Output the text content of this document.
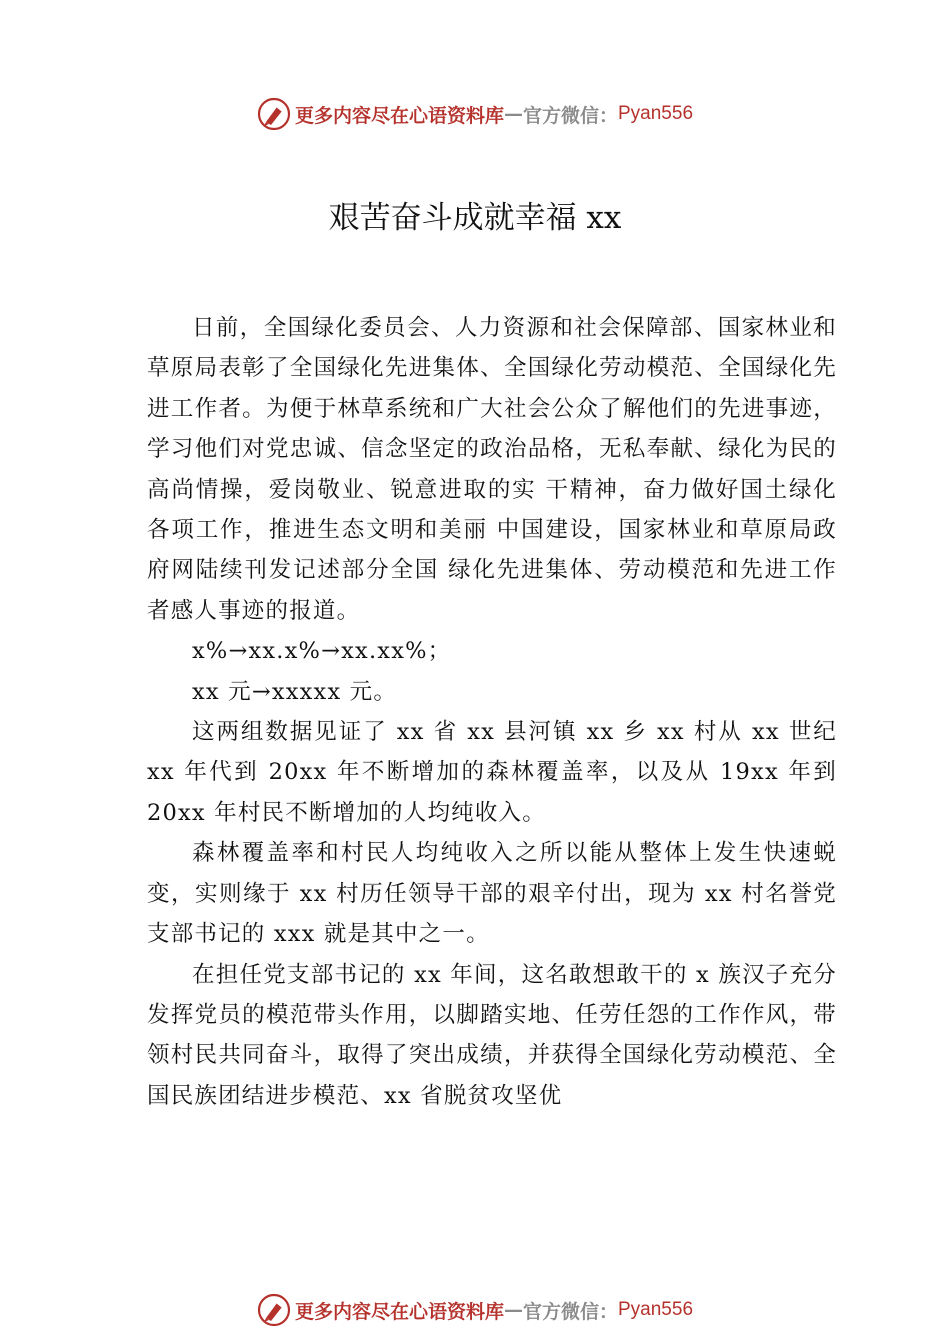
更多内容尽在心语资料库 — 官方微信： Pyan556
艰苦奋斗成就幸福 xx

日前，全国绿化委员会、人力资源和社会保障部、国家林业和草原局表彰了全国绿化先进集体、全国绿化劳动模范、全国绿化先进工作者。为便于林草系统和广大社会公众了解他们的先进事迹，学习他们对党忠诚、信念坚定的政治品格，无私奉献、绿化为民的高尚情操，爱岗敬业、锐意进取的实 干精神，奋力做好国土绿化各项工作，推进生态文明和美丽 中国建设，国家林业和草原局政府网陆续刊发记述部分全国 绿化先进集体、劳动模范和先进工作者感人事迹的报道。

x%→xx.x%→xx.xx%；

xx 元→xxxxx 元。

这两组数据见证了 xx 省 xx 县河镇 xx 乡 xx 村从 xx 世纪 xx 年代到 20xx 年不断增加的森林覆盖率，以及从 19xx 年到 20xx 年村民不断增加的人均纯收入。

森林覆盖率和村民人均纯收入之所以能从整体上发生快速蜕变，实则缘于 xx 村历任领导干部的艰辛付出，现为 xx 村名誉党支部书记的 xxx 就是其中之一。

在担任党支部书记的 xx 年间，这名敢想敢干的 x 族汉子充分发挥党员的模范带头作用，以脚踏实地、任劳任怨的工作作风，带领村民共同奋斗，取得了突出成绩，并获得全国绿化劳动模范、全国民族团结进步模范、xx 省脱贫攻坚优

更多内容尽在心语资料库 — 官方微信： Pyan556
